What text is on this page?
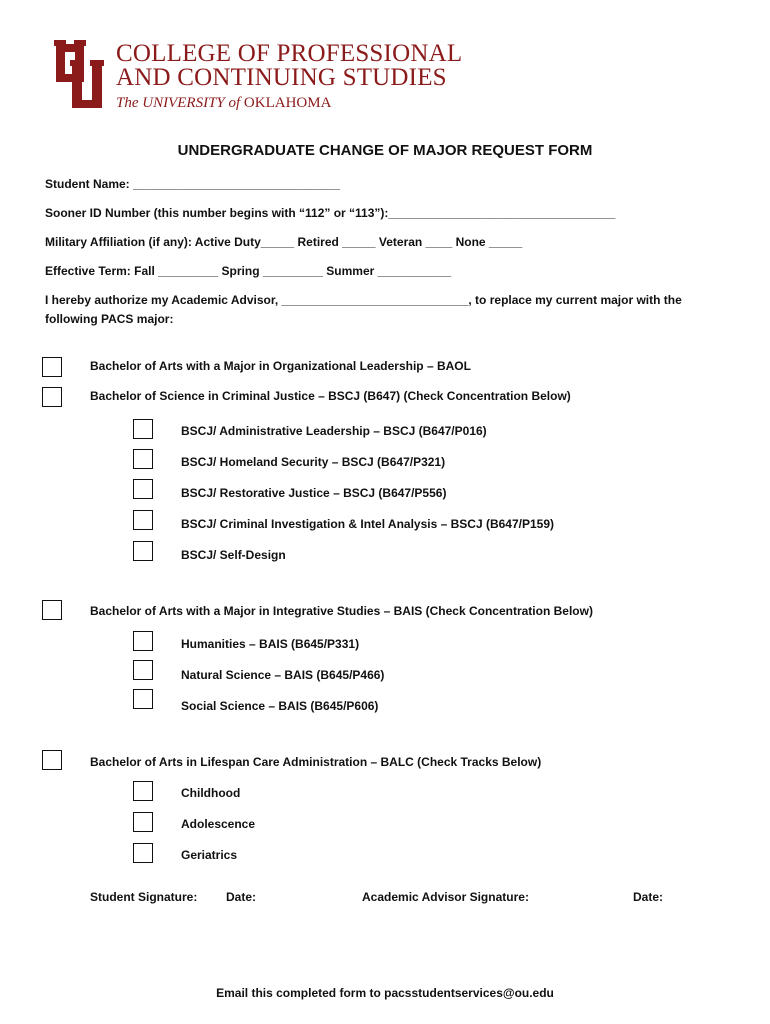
COLLEGE OF PROFESSIONAL
AND CONTINUING STUDIES
The UNIVERSITY of OKLAHOMA
UNDERGRADUATE CHANGE OF MAJOR REQUEST FORM
Student Name: _______________________________
Sooner ID Number (this number begins with “112” or “113”):__________________________________
Military Affiliation (if any): Active Duty_____ Retired _____ Veteran ____ None _____
Effective Term: Fall _________ Spring _________ Summer ___________
I hereby authorize my Academic Advisor, ____________________________, to replace my current major with the
following PACS major:
Bachelor of Arts with a Major in Organizational Leadership – BAOL
Bachelor of Science in Criminal Justice – BSCJ (B647) (Check Concentration Below)
BSCJ/ Administrative Leadership – BSCJ (B647/P016)
BSCJ/ Homeland Security – BSCJ (B647/P321)
BSCJ/ Restorative Justice – BSCJ (B647/P556)
BSCJ/ Criminal Investigation & Intel Analysis – BSCJ (B647/P159)
BSCJ/ Self-Design
Bachelor of Arts with a Major in Integrative Studies – BAIS (Check Concentration Below)
Humanities – BAIS (B645/P331)
Natural Science – BAIS (B645/P466)
Social Science – BAIS (B645/P606)
Bachelor of Arts in Lifespan Care Administration – BALC (Check Tracks Below)
Childhood
Adolescence
Geriatrics
Student Signature: Date:	Academic Advisor Signature:	Date:
Email this completed form to pacsstudentservices@ou.edu
